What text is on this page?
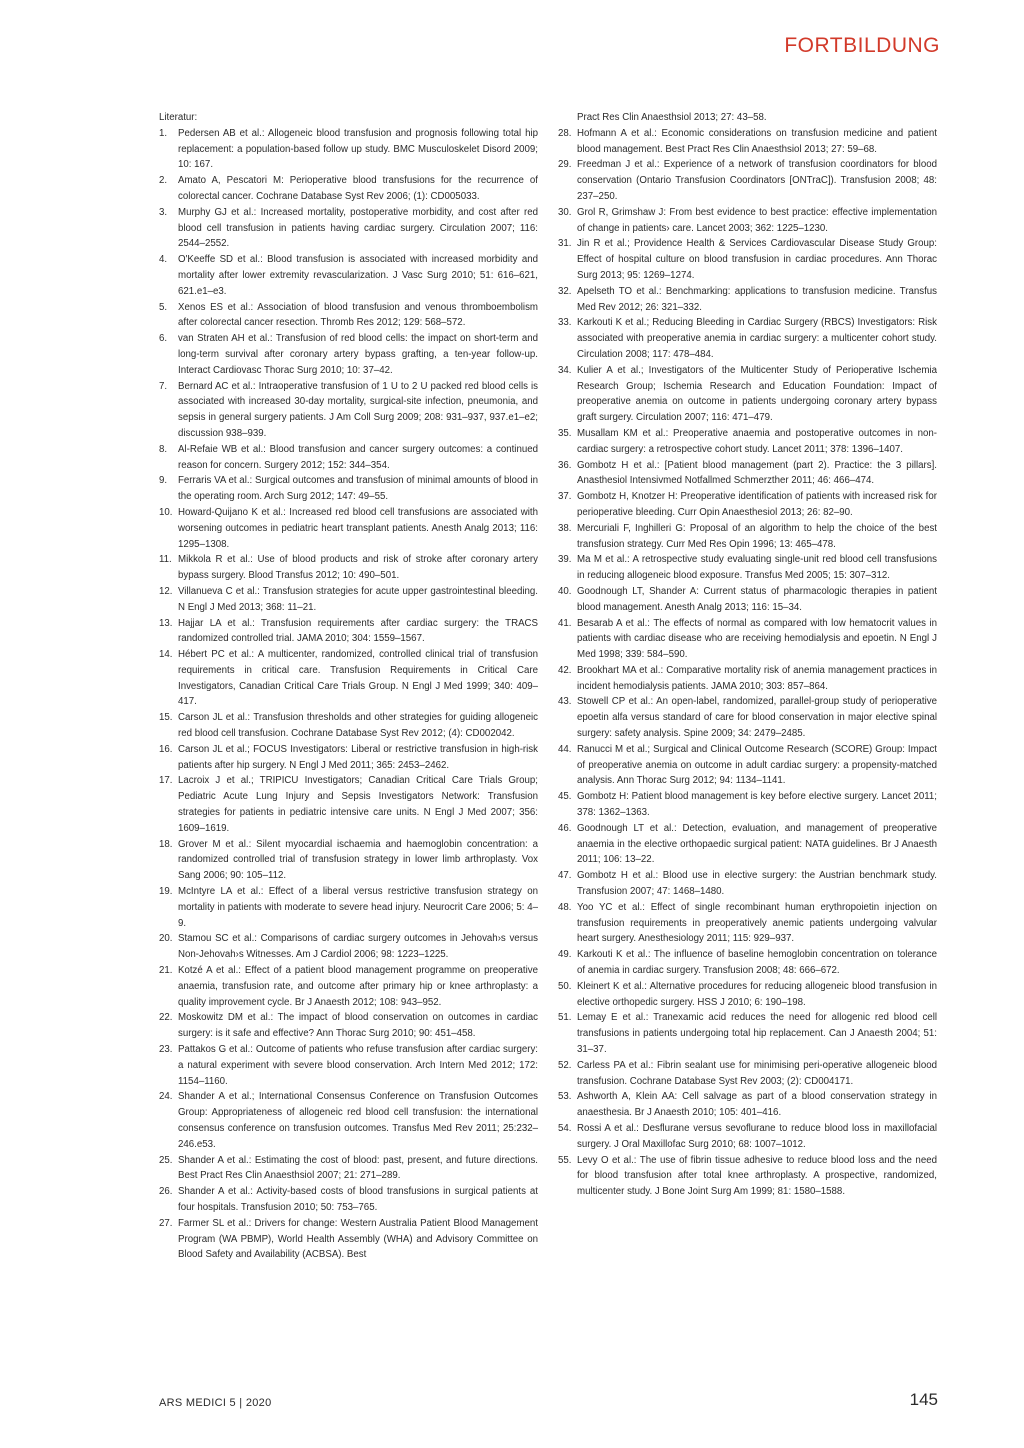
FORTBILDUNG
Literatur:
1.	Pedersen AB et al.: Allogeneic blood transfusion and prognosis following total hip replacement: a population-based follow up study. BMC Musculoskelet Disord 2009; 10: 167.
2.	Amato A, Pescatori M: Perioperative blood transfusions for the recurrence of colorectal cancer. Cochrane Database Syst Rev 2006; (1): CD005033.
3.	Murphy GJ et al.: Increased mortality, postoperative morbidity, and cost after red blood cell transfusion in patients having cardiac surgery. Circulation 2007; 116: 2544–2552.
4.	O'Keeffe SD et al.: Blood transfusion is associated with increased morbidity and mortality after lower extremity revascularization. J Vasc Surg 2010; 51: 616–621, 621.e1–e3.
5.	Xenos ES et al.: Association of blood transfusion and venous thromboembolism after colorectal cancer resection. Thromb Res 2012; 129: 568–572.
6.	van Straten AH et al.: Transfusion of red blood cells: the impact on short-term and long-term survival after coronary artery bypass grafting, a ten-year follow-up. Interact Cardiovasc Thorac Surg 2010; 10: 37–42.
7.	Bernard AC et al.: Intraoperative transfusion of 1 U to 2 U packed red blood cells is associated with increased 30-day mortality, surgical-site infection, pneumonia, and sepsis in general surgery patients. J Am Coll Surg 2009; 208: 931–937, 937.e1–e2; discussion 938–939.
8.	Al-Refaie WB et al.: Blood transfusion and cancer surgery outcomes: a continued reason for concern. Surgery 2012; 152: 344–354.
9.	Ferraris VA et al.: Surgical outcomes and transfusion of minimal amounts of blood in the operating room. Arch Surg 2012; 147: 49–55.
10. Howard-Quijano K et al.: Increased red blood cell transfusions are associated with worsening outcomes in pediatric heart transplant patients. Anesth Analg 2013; 116: 1295–1308.
11. Mikkola R et al.: Use of blood products and risk of stroke after coronary artery bypass surgery. Blood Transfus 2012; 10: 490–501.
12. Villanueva C et al.: Transfusion strategies for acute upper gastrointestinal bleeding. N Engl J Med 2013; 368: 11–21.
13. Hajjar LA et al.: Transfusion requirements after cardiac surgery: the TRACS randomized controlled trial. JAMA 2010; 304: 1559–1567.
14. Hébert PC et al.: A multicenter, randomized, controlled clinical trial of transfusion requirements in critical care. Transfusion Requirements in Critical Care Investigators, Canadian Critical Care Trials Group. N Engl J Med 1999; 340: 409–417.
15. Carson JL et al.: Transfusion thresholds and other strategies for guiding allogeneic red blood cell transfusion. Cochrane Database Syst Rev 2012; (4): CD002042.
16. Carson JL et al.; FOCUS Investigators: Liberal or restrictive transfusion in high-risk patients after hip surgery. N Engl J Med 2011; 365: 2453–2462.
17. Lacroix J et al.; TRIPICU Investigators; Canadian Critical Care Trials Group; Pediatric Acute Lung Injury and Sepsis Investigators Network: Transfusion strategies for patients in pediatric intensive care units. N Engl J Med 2007; 356: 1609–1619.
18. Grover M et al.: Silent myocardial ischaemia and haemoglobin concentration: a randomized controlled trial of transfusion strategy in lower limb arthroplasty. Vox Sang 2006; 90: 105–112.
19. McIntyre LA et al.: Effect of a liberal versus restrictive transfusion strategy on mortality in patients with moderate to severe head injury. Neurocrit Care 2006; 5: 4–9.
20. Stamou SC et al.: Comparisons of cardiac surgery outcomes in Jehovah›s versus Non-Jehovah›s Witnesses. Am J Cardiol 2006; 98: 1223–1225.
21. Kotzé A et al.: Effect of a patient blood management programme on preoperative anaemia, transfusion rate, and outcome after primary hip or knee arthroplasty: a quality improvement cycle. Br J Anaesth 2012; 108: 943–952.
22. Moskowitz DM et al.: The impact of blood conservation on outcomes in cardiac surgery: is it safe and effective? Ann Thorac Surg 2010; 90: 451–458.
23. Pattakos G et al.: Outcome of patients who refuse transfusion after cardiac surgery: a natural experiment with severe blood conservation. Arch Intern Med 2012; 172: 1154–1160.
24. Shander A et al.; International Consensus Conference on Transfusion Outcomes Group: Appropriateness of allogeneic red blood cell transfusion: the international consensus conference on transfusion outcomes. Transfus Med Rev 2011; 25:232–246.e53.
25. Shander A et al.: Estimating the cost of blood: past, present, and future directions. Best Pract Res Clin Anaesthsiol 2007; 21: 271–289.
26. Shander A et al.: Activity-based costs of blood transfusions in surgical patients at four hospitals. Transfusion 2010; 50: 753–765.
27. Farmer SL et al.: Drivers for change: Western Australia Patient Blood Management Program (WA PBMP), World Health Assembly (WHA) and Advisory Committee on Blood Safety and Availability (ACBSA). Best
Pract Res Clin Anaesthsiol 2013; 27: 43–58.
28. Hofmann A et al.: Economic considerations on transfusion medicine and patient blood management. Best Pract Res Clin Anaesthsiol 2013; 27: 59–68.
29. Freedman J et al.: Experience of a network of transfusion coordinators for blood conservation (Ontario Transfusion Coordinators [ONTraC]). Transfusion 2008; 48: 237–250.
30. Grol R, Grimshaw J: From best evidence to best practice: effective implementation of change in patients› care. Lancet 2003; 362: 1225–1230.
31. Jin R et al.; Providence Health & Services Cardiovascular Disease Study Group: Effect of hospital culture on blood transfusion in cardiac procedures. Ann Thorac Surg 2013; 95: 1269–1274.
32. Apelseth TO et al.: Benchmarking: applications to transfusion medicine. Transfus Med Rev 2012; 26: 321–332.
33. Karkouti K et al.; Reducing Bleeding in Cardiac Surgery (RBCS) Investigators: Risk associated with preoperative anemia in cardiac surgery: a multicenter cohort study. Circulation 2008; 117: 478–484.
34. Kulier A et al.; Investigators of the Multicenter Study of Perioperative Ischemia Research Group; Ischemia Research and Education Foundation: Impact of preoperative anemia on outcome in patients undergoing coronary artery bypass graft surgery. Circulation 2007; 116: 471–479.
35. Musallam KM et al.: Preoperative anaemia and postoperative outcomes in non-cardiac surgery: a retrospective cohort study. Lancet 2011; 378: 1396–1407.
36. Gombotz H et al.: [Patient blood management (part 2). Practice: the 3 pillars]. Anasthesiol Intensivmed Notfallmed Schmerzther 2011; 46: 466–474.
37. Gombotz H, Knotzer H: Preoperative identification of patients with increased risk for perioperative bleeding. Curr Opin Anaesthesiol 2013; 26: 82–90.
38. Mercuriali F, Inghilleri G: Proposal of an algorithm to help the choice of the best transfusion strategy. Curr Med Res Opin 1996; 13: 465–478.
39. Ma M et al.: A retrospective study evaluating single-unit red blood cell transfusions in reducing allogeneic blood exposure. Transfus Med 2005; 15: 307–312.
40. Goodnough LT, Shander A: Current status of pharmacologic therapies in patient blood management. Anesth Analg 2013; 116: 15–34.
41. Besarab A et al.: The effects of normal as compared with low hematocrit values in patients with cardiac disease who are receiving hemodialysis and epoetin. N Engl J Med 1998; 339: 584–590.
42. Brookhart MA et al.: Comparative mortality risk of anemia management practices in incident hemodialysis patients. JAMA 2010; 303: 857–864.
43. Stowell CP et al.: An open-label, randomized, parallel-group study of perioperative epoetin alfa versus standard of care for blood conservation in major elective spinal surgery: safety analysis. Spine 2009; 34: 2479–2485.
44. Ranucci M et al.; Surgical and Clinical Outcome Research (SCORE) Group: Impact of preoperative anemia on outcome in adult cardiac surgery: a propensity-matched analysis. Ann Thorac Surg 2012; 94: 1134–1141.
45. Gombotz H: Patient blood management is key before elective surgery. Lancet 2011; 378: 1362–1363.
46. Goodnough LT et al.: Detection, evaluation, and management of preoperative anaemia in the elective orthopaedic surgical patient: NATA guidelines. Br J Anaesth 2011; 106: 13–22.
47. Gombotz H et al.: Blood use in elective surgery: the Austrian benchmark study. Transfusion 2007; 47: 1468–1480.
48. Yoo YC et al.: Effect of single recombinant human erythropoietin injection on transfusion requirements in preoperatively anemic patients undergoing valvular heart surgery. Anesthesiology 2011; 115: 929–937.
49. Karkouti K et al.: The influence of baseline hemoglobin concentration on tolerance of anemia in cardiac surgery. Transfusion 2008; 48: 666–672.
50. Kleinert K et al.: Alternative procedures for reducing allogeneic blood transfusion in elective orthopedic surgery. HSS J 2010; 6: 190–198.
51. Lemay E et al.: Tranexamic acid reduces the need for allogenic red blood cell transfusions in patients undergoing total hip replacement. Can J Anaesth 2004; 51: 31–37.
52. Carless PA et al.: Fibrin sealant use for minimising peri-operative allogeneic blood transfusion. Cochrane Database Syst Rev 2003; (2): CD004171.
53. Ashworth A, Klein AA: Cell salvage as part of a blood conservation strategy in anaesthesia. Br J Anaesth 2010; 105: 401–416.
54. Rossi A et al.: Desflurane versus sevoflurane to reduce blood loss in maxillofacial surgery. J Oral Maxillofac Surg 2010; 68: 1007–1012.
55. Levy O et al.: The use of fibrin tissue adhesive to reduce blood loss and the need for blood transfusion after total knee arthroplasty. A prospective, randomized, multicenter study. J Bone Joint Surg Am 1999; 81: 1580–1588.
ARS MEDICI 5 | 2020	145
